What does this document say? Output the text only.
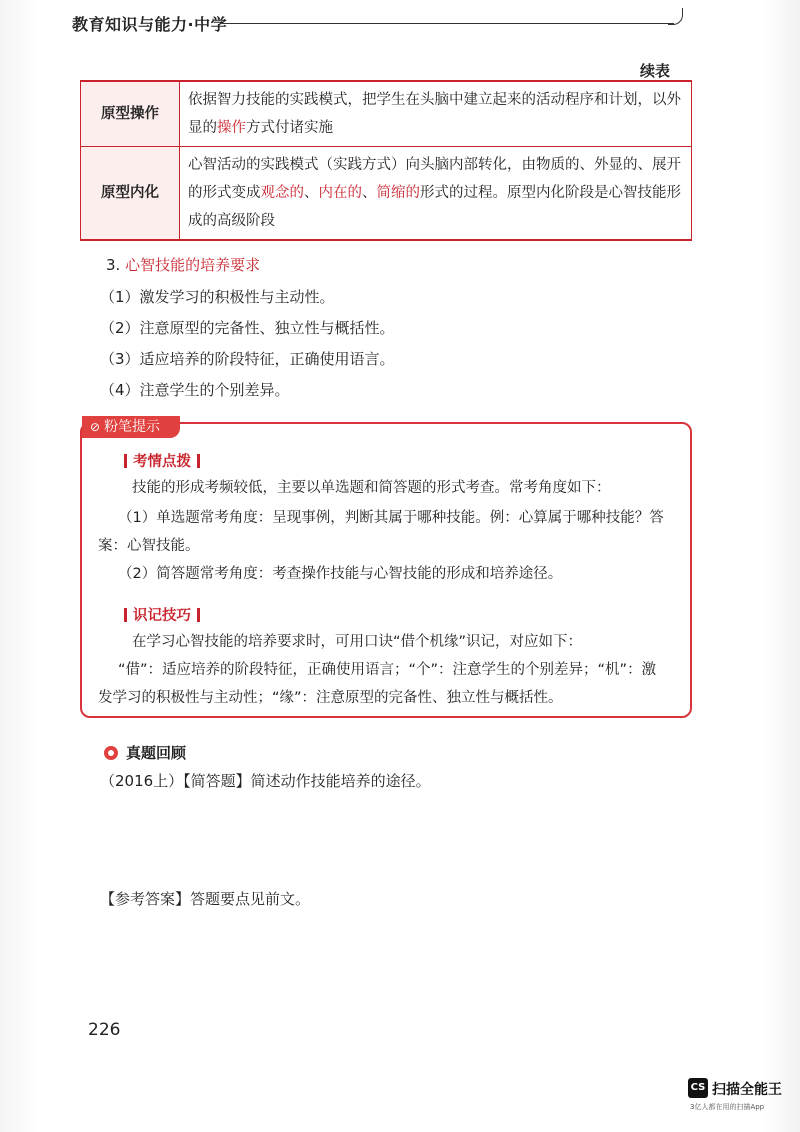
教育知识与能力·中学
续表
原型操作	依据智力技能的实践模式，把学生在头脑中建立起来的活动程序和计划，以外显的操作方式付诸实施
原型内化	心智活动的实践模式（实践方式）向头脑内部转化，由物质的、外显的、展开的形式变成观念的、内在的、简缩的形式的过程。原型内化阶段是心智技能形成的高级阶段
3. 心智技能的培养要求
（1）激发学习的积极性与主动性。
（2）注意原型的完备性、独立性与概括性。
（3）适应培养的阶段特征，正确使用语言。
（4）注意学生的个别差异。
⊘ 粉笔提示
考情点拨
技能的形成考频较低，主要以单选题和简答题的形式考查。常考角度如下：
（1）单选题常考角度：呈现事例，判断其属于哪种技能。例：心算属于哪种技能？答
案：心智技能。
（2）简答题常考角度：考查操作技能与心智技能的形成和培养途径。
识记技巧
在学习心智技能的培养要求时，可用口诀“借个机缘”识记，对应如下：
“借”：适应培养的阶段特征，正确使用语言；“个”：注意学生的个别差异；“机”：激
发学习的积极性与主动性；“缘”：注意原型的完备性、独立性与概括性。
真题回顾
（2016上）【简答题】简述动作技能培养的途径。
【参考答案】答题要点见前文。
226
CS 扫描全能王
3亿人都在用的扫描App
